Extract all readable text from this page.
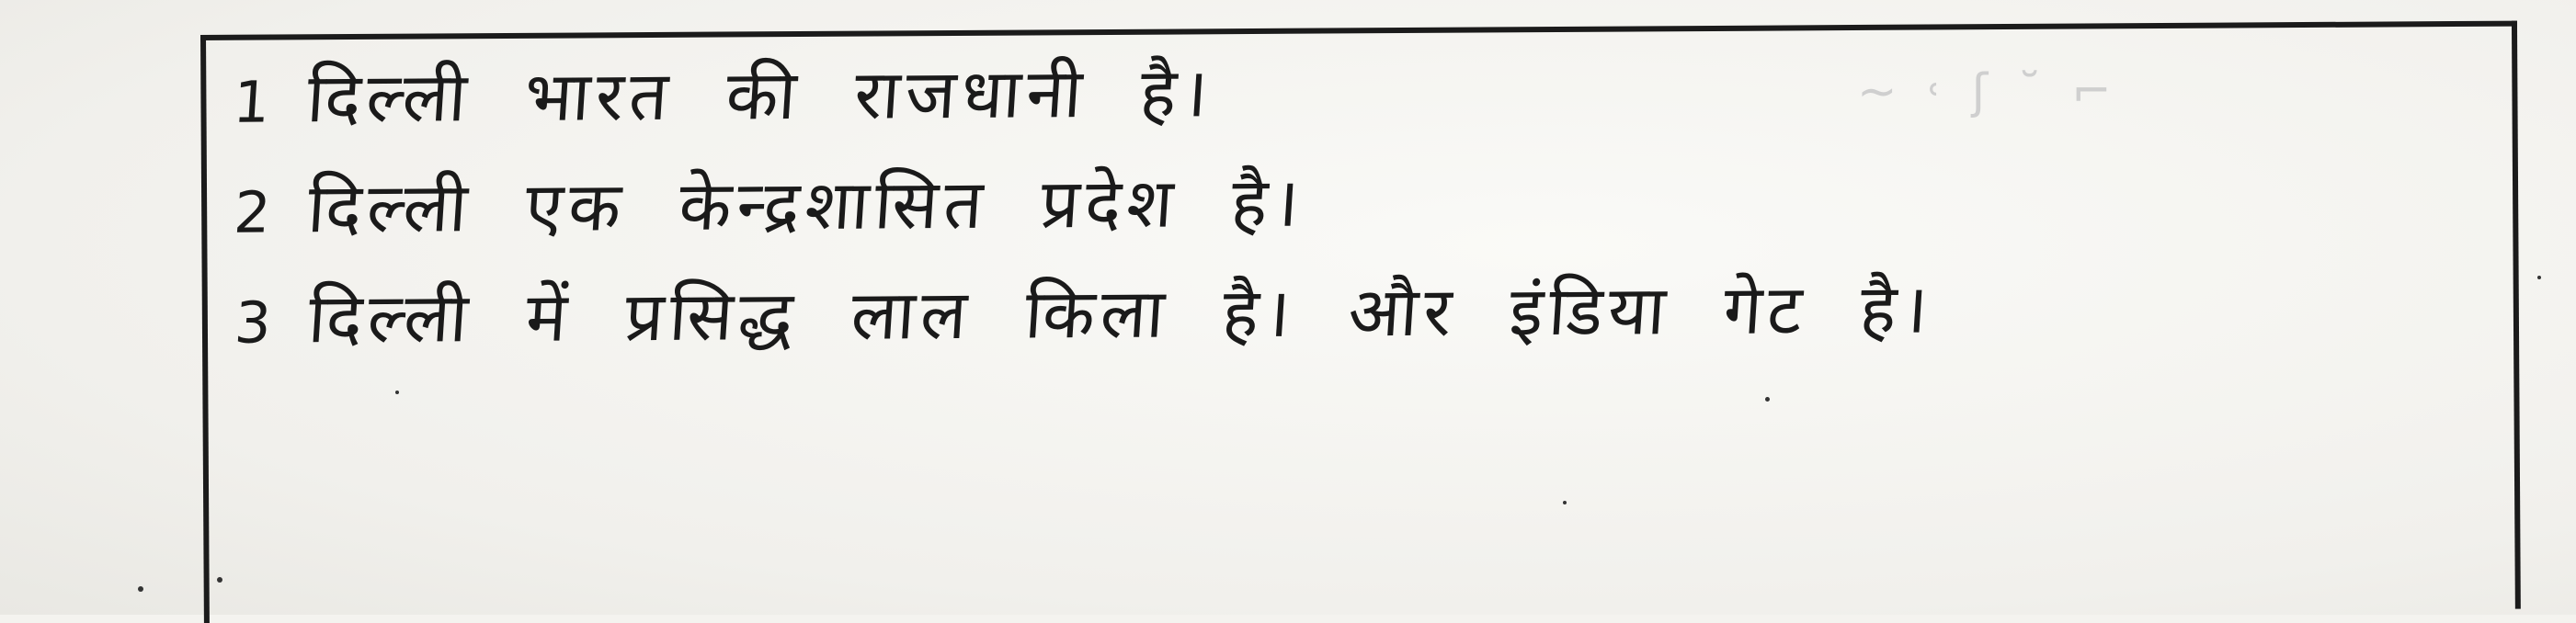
~ ˓ ʃ ˘ ⌐
1 दिल्ली भारत की राजधानी है।
2 दिल्ली एक केन्द्रशासित प्रदेश है।
3 दिल्ली में प्रसिद्ध लाल किला है। और इंडिया गेट है।
